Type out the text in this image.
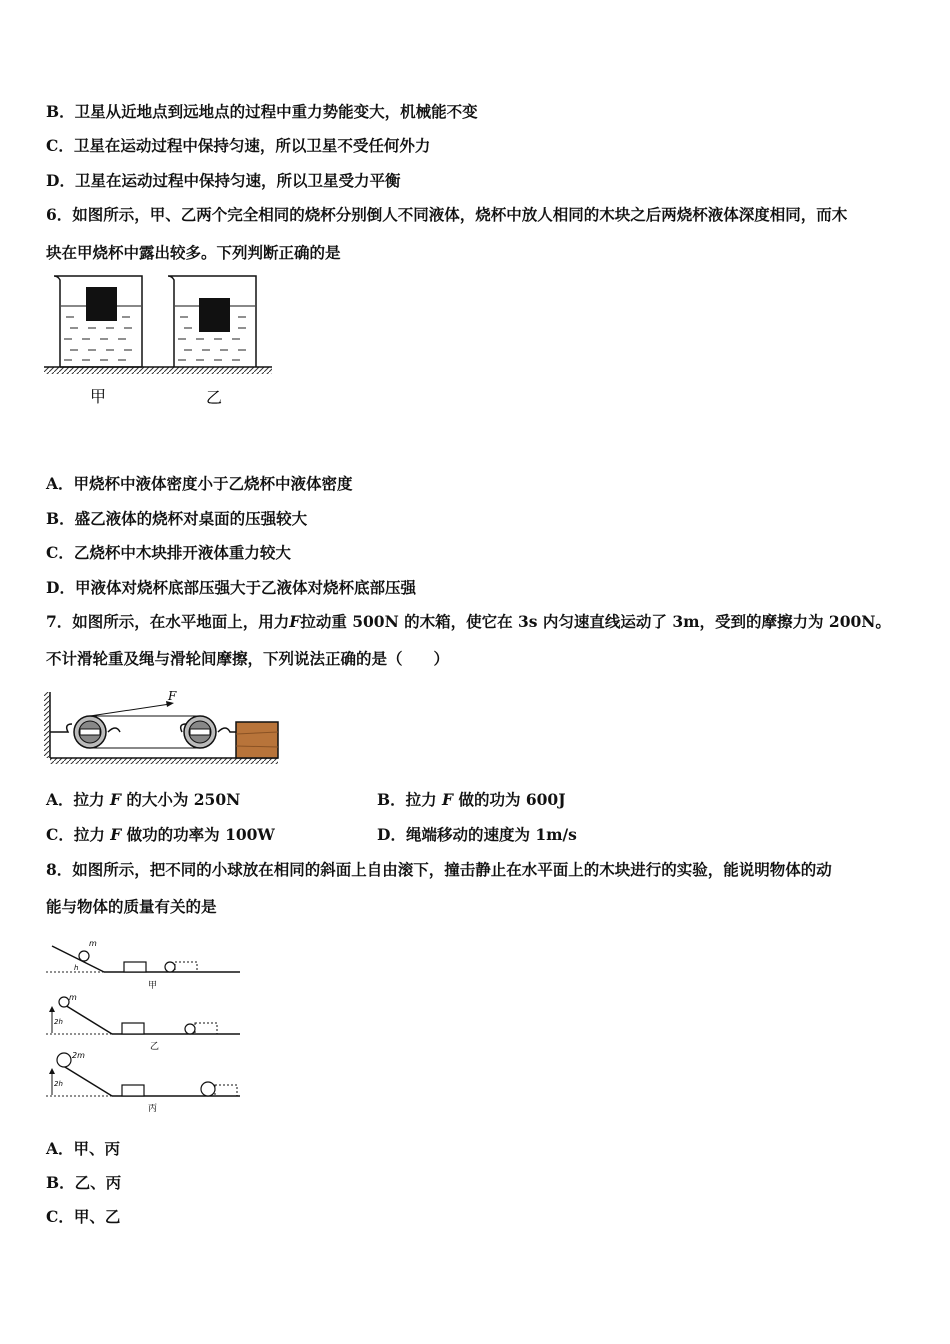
B．卫星从近地点到远地点的过程中重力势能变大，机械能不变
C．卫星在运动过程中保持匀速，所以卫星不受任何外力
D．卫星在运动过程中保持匀速，所以卫星受力平衡
6．如图所示，甲、乙两个完全相同的烧杯分别倒人不同液体，烧杯中放人相同的木块之后两烧杯液体深度相同，而木
块在甲烧杯中露出较多。下列判断正确的是
甲	乙
A．甲烧杯中液体密度小于乙烧杯中液体密度
B．盛乙液体的烧杯对桌面的压强较大
C．乙烧杯中木块排开液体重力较大
D．甲液体对烧杯底部压强大于乙液体对烧杯底部压强
7．如图所示，在水平地面上，用力F拉动重 500N 的木箱，使它在 3s 内匀速直线运动了 3m，受到的摩擦力为 200N。
不计滑轮重及绳与滑轮间摩擦，下列说法正确的是（　　）
F
A．拉力 F 的大小为 250N	B．拉力 F 做的功为 600J
C．拉力 F 做功的功率为 100W	D．绳端移动的速度为 1m/s
8．如图所示，把不同的小球放在相同的斜面上自由滚下，撞击静止在水平面上的木块进行的实验，能说明物体的动
能与物体的质量有关的是
m
h
甲
m
2h
乙
2m
2h
丙
A．甲、丙
B．乙、丙
C．甲、乙
